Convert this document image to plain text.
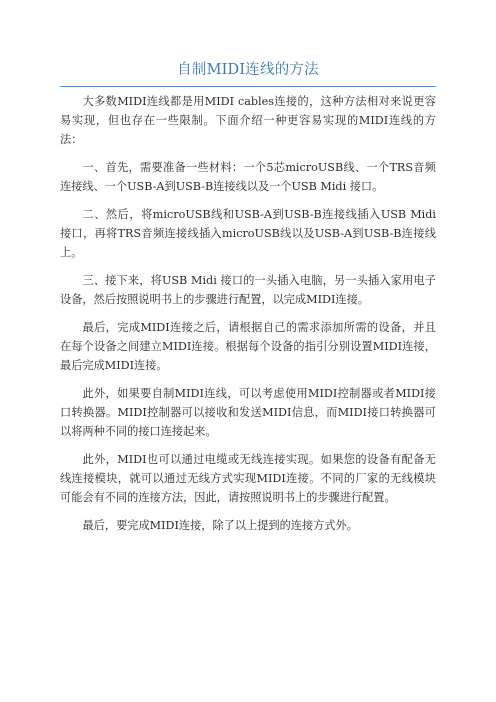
自制MIDI连线的方法

大多数MIDI连线都是用MIDI cables连接的，这种方法相对来说更容易实现，但也存在一些限制。下面介绍一种更容易实现的MIDI连线的方法：

一、首先，需要准备一些材料：一个5芯microUSB线、一个TRS音频连接线、一个USB-A到USB-B连接线以及一个USB Midi 接口。

二、然后，将microUSB线和USB-A到USB-B连接线插入USB Midi接口，再将TRS音频连接线插入microUSB线以及USB-A到USB-B连接线上。

三、接下来，将USB Midi 接口的一头插入电脑，另一头插入家用电子设备，然后按照说明书上的步骤进行配置，以完成MIDI连接。

最后，完成MIDI连接之后，请根据自己的需求添加所需的设备，并且在每个设备之间建立MIDI连接。根据每个设备的指引分别设置MIDI连接，最后完成MIDI连接。

此外，如果要自制MIDI连线，可以考虑使用MIDI控制器或者MIDI接口转换器。MIDI控制器可以接收和发送MIDI信息，而MIDI接口转换器可以将两种不同的接口连接起来。

此外，MIDI也可以通过电缆或无线连接实现。如果您的设备有配备无线连接模块，就可以通过无线方式实现MIDI连接。不同的厂家的无线模块可能会有不同的连接方法，因此，请按照说明书上的步骤进行配置。

最后，要完成MIDI连接，除了以上提到的连接方式外。
